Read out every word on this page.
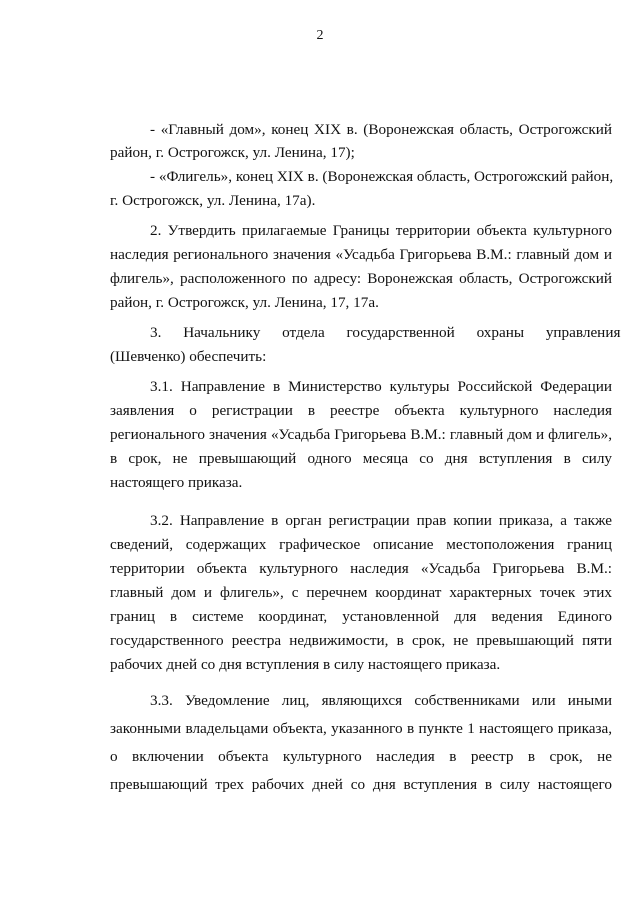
2
- «Главный дом», конец XIX в. (Воронежская область, Острогожский
район, г. Острогожск, ул. Ленина, 17);
- «Флигель», конец XIX в. (Воронежская область, Острогожский район,
г. Острогожск, ул. Ленина, 17а).
2. Утвердить прилагаемые Границы территории объекта культурного
наследия регионального значения «Усадьба Григорьева В.М.: главный дом и
флигель», расположенного по адресу: Воронежская область, Острогожский
район, г. Острогожск, ул. Ленина, 17, 17а.
3. Начальнику отдела государственной охраны управления
(Шевченко) обеспечить:
3.1. Направление в Министерство культуры Российской Федерации
заявления о регистрации в реестре объекта культурного наследия
регионального значения «Усадьба Григорьева В.М.: главный дом и флигель»,
в срок, не превышающий одного месяца со дня вступления в силу
настоящего приказа.
3.2. Направление в орган регистрации прав копии приказа, а также
сведений, содержащих графическое описание местоположения границ
территории объекта культурного наследия «Усадьба Григорьева В.М.:
главный дом и флигель», с перечнем координат характерных точек этих
границ в системе координат, установленной для ведения Единого
государственного реестра недвижимости, в срок, не превышающий пяти
рабочих дней со дня вступления в силу настоящего приказа.
3.3. Уведомление лиц, являющихся собственниками или иными
законными владельцами объекта, указанного в пункте 1 настоящего приказа,
о включении объекта культурного наследия в реестр в срок, не
превышающий трех рабочих дней со дня вступления в силу настоящего
